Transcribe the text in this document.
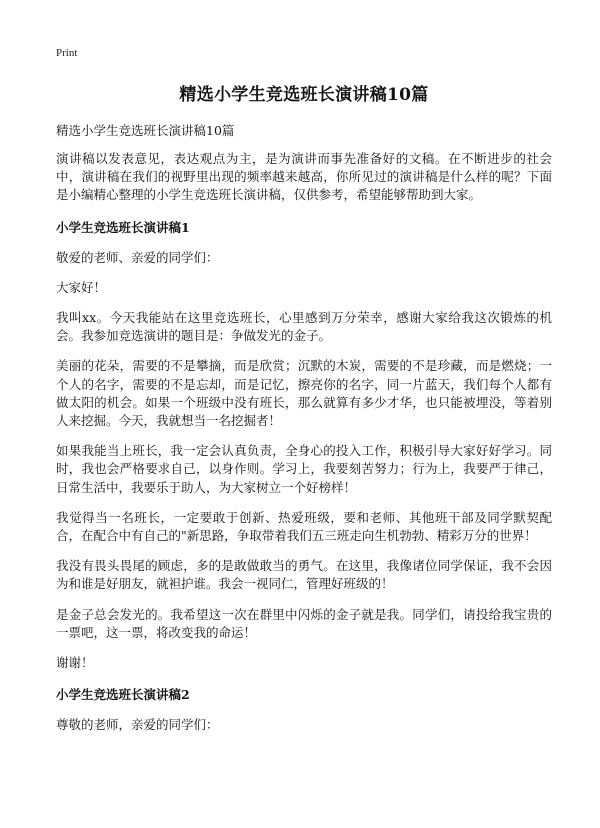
Print
精选小学生竞选班长演讲稿10篇
精选小学生竞选班长演讲稿10篇

演讲稿以发表意见，表达观点为主，是为演讲而事先准备好的文稿。在不断进步的社会中，演讲稿在我们的视野里出现的频率越来越高，你所见过的演讲稿是什么样的呢？下面是小编精心整理的小学生竞选班长演讲稿，仅供参考，希望能够帮助到大家。

小学生竞选班长演讲稿1

敬爱的老师、亲爱的同学们：

大家好！

我叫xx。今天我能站在这里竞选班长，心里感到万分荣幸，感谢大家给我这次锻炼的机会。我参加竞选演讲的题目是：争做发光的金子。

美丽的花朵，需要的不是攀摘，而是欣赏；沉默的木炭，需要的不是珍藏，而是燃烧；一个人的名字，需要的不是忘却，而是记忆，擦亮你的名字，同一片蓝天，我们每个人都有做太阳的机会。如果一个班级中没有班长，那么就算有多少才华，也只能被埋没，等着别人来挖掘。今天，我就想当一名挖掘者！

如果我能当上班长，我一定会认真负责，全身心的投入工作，积极引导大家好好学习。同时，我也会严格要求自己，以身作则。学习上，我要刻苦努力；行为上，我要严于律己，日常生活中，我要乐于助人，为大家树立一个好榜样！

我觉得当一名班长，一定要敢于创新、热爱班级，要和老师、其他班干部及同学默契配合，在配合中有自己的"新思路，争取带着我们五三班走向生机勃勃、精彩万分的世界！

我没有畏头畏尾的顾虑，多的是敢做敢当的勇气。在这里，我像诸位同学保证，我不会因为和谁是好朋友，就袒护谁。我会一视同仁，管理好班级的！

是金子总会发光的。我希望这一次在群里中闪烁的金子就是我。同学们，请投给我宝贵的一票吧，这一票，将改变我的命运！

谢谢！

小学生竞选班长演讲稿2

尊敬的老师，亲爱的同学们：
